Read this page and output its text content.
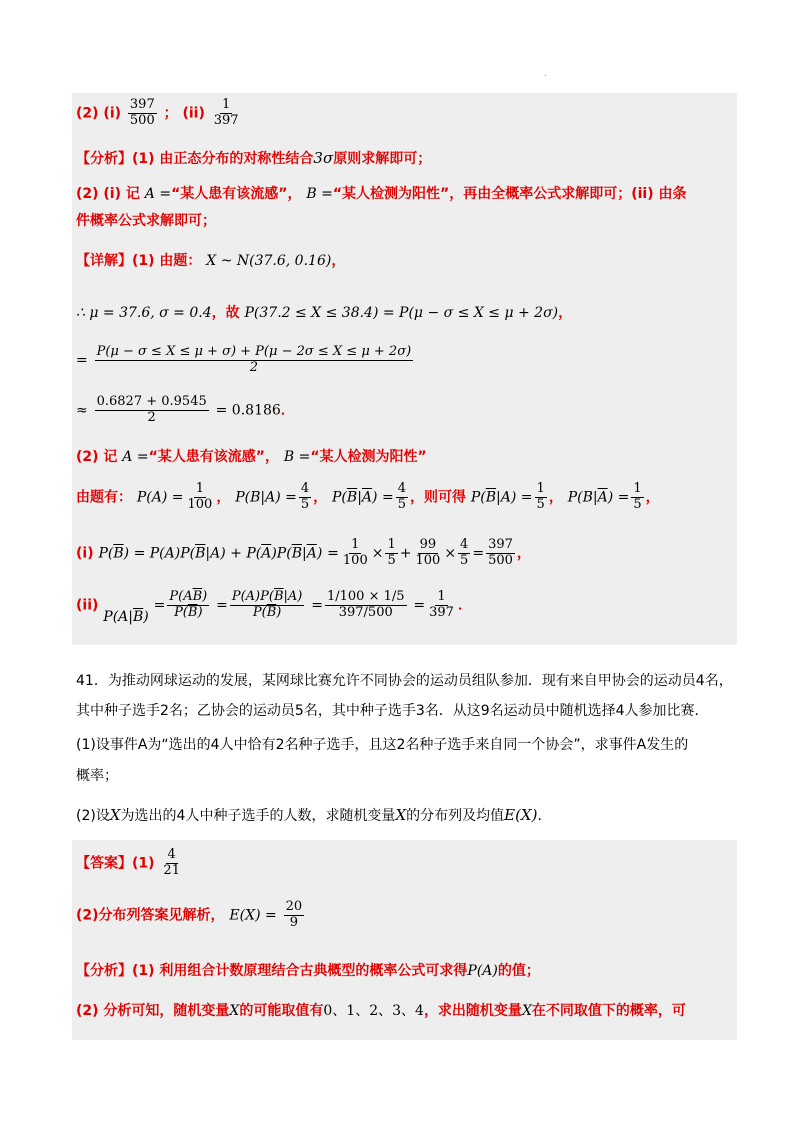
.
(2) $(i) \frac{397}{500}$ ； $(ii) \frac{1}{397}$
【分析】(1) 由正态分布的对称性结合3σ原则求解即可；
(2) (i) 记 A =“某人患有该流感”， B =“某人检测为阳性”，再由全概率公式求解即可；(ii) 由条
件概率公式求解即可；
【详解】(1) 由题： X ~ N(37.6, 0.16)，
∴ μ = 37.6, σ = 0.4，故 P(37.2 ≤ X ≤ 38.4) = P(μ − σ ≤ X ≤ μ + 2σ)，
= $\frac{P(\mu - \sigma \le X \le \mu + \sigma) + P(\mu - 2\sigma \le X \le \mu + 2\sigma)}{2}$
≈ $\frac{0.6827 + 0.9545}{2} = 0.8186$．
(2) 记 A =“某人患有该流感”， B =“某人检测为阳性”
由题有： $P(A) = \frac{1}{100}$ ， $P(B|A) = \frac{4}{5}$ ， $P(\overline{B}|\overline{A}) = \frac{4}{5}$ ，则可得 $P(\overline{B}|A) = \frac{1}{5}$ ， $P(B|\overline{A}) = \frac{1}{5}$ ，
(i) $P(\overline{B}) = P(A)P(\overline{B}|A) + P(\overline{A})P(\overline{B}|\overline{A}) = \frac{1}{100} \times \frac{1}{5} + \frac{99}{100} \times \frac{4}{5} = \frac{397}{500}$ ，
(ii) $P(A|\overline{B}) = \frac{P(A\overline{B})}{P(\overline{B})} = \frac{P(A)P(\overline{B}|A)}{P(\overline{B})} = \frac{1/100 \times 1/5}{397/500} = \frac{1}{397}$ ．
41．为推动网球运动的发展，某网球比赛允许不同协会的运动员组队参加．现有来自甲协会的运动员4名，
其中种子选手2名；乙协会的运动员5名，其中种子选手3名．从这9名运动员中随机选择4人参加比赛．
(1)设事件A为“选出的4人中恰有2名种子选手，且这2名种子选手来自同一个协会”，求事件A发生的
概率；
(2)设X为选出的4人中种子选手的人数，求随机变量X的分布列及均值E(X)．
【答案】$(1) \frac{4}{21}$
(2)分布列答案见解析， $E(X) = \frac{20}{9}$
【分析】(1) 利用组合计数原理结合古典概型的概率公式可求得P(A)的值；
(2) 分析可知，随机变量X的可能取值有0、1、2、3、4，求出随机变量X在不同取值下的概率，可
